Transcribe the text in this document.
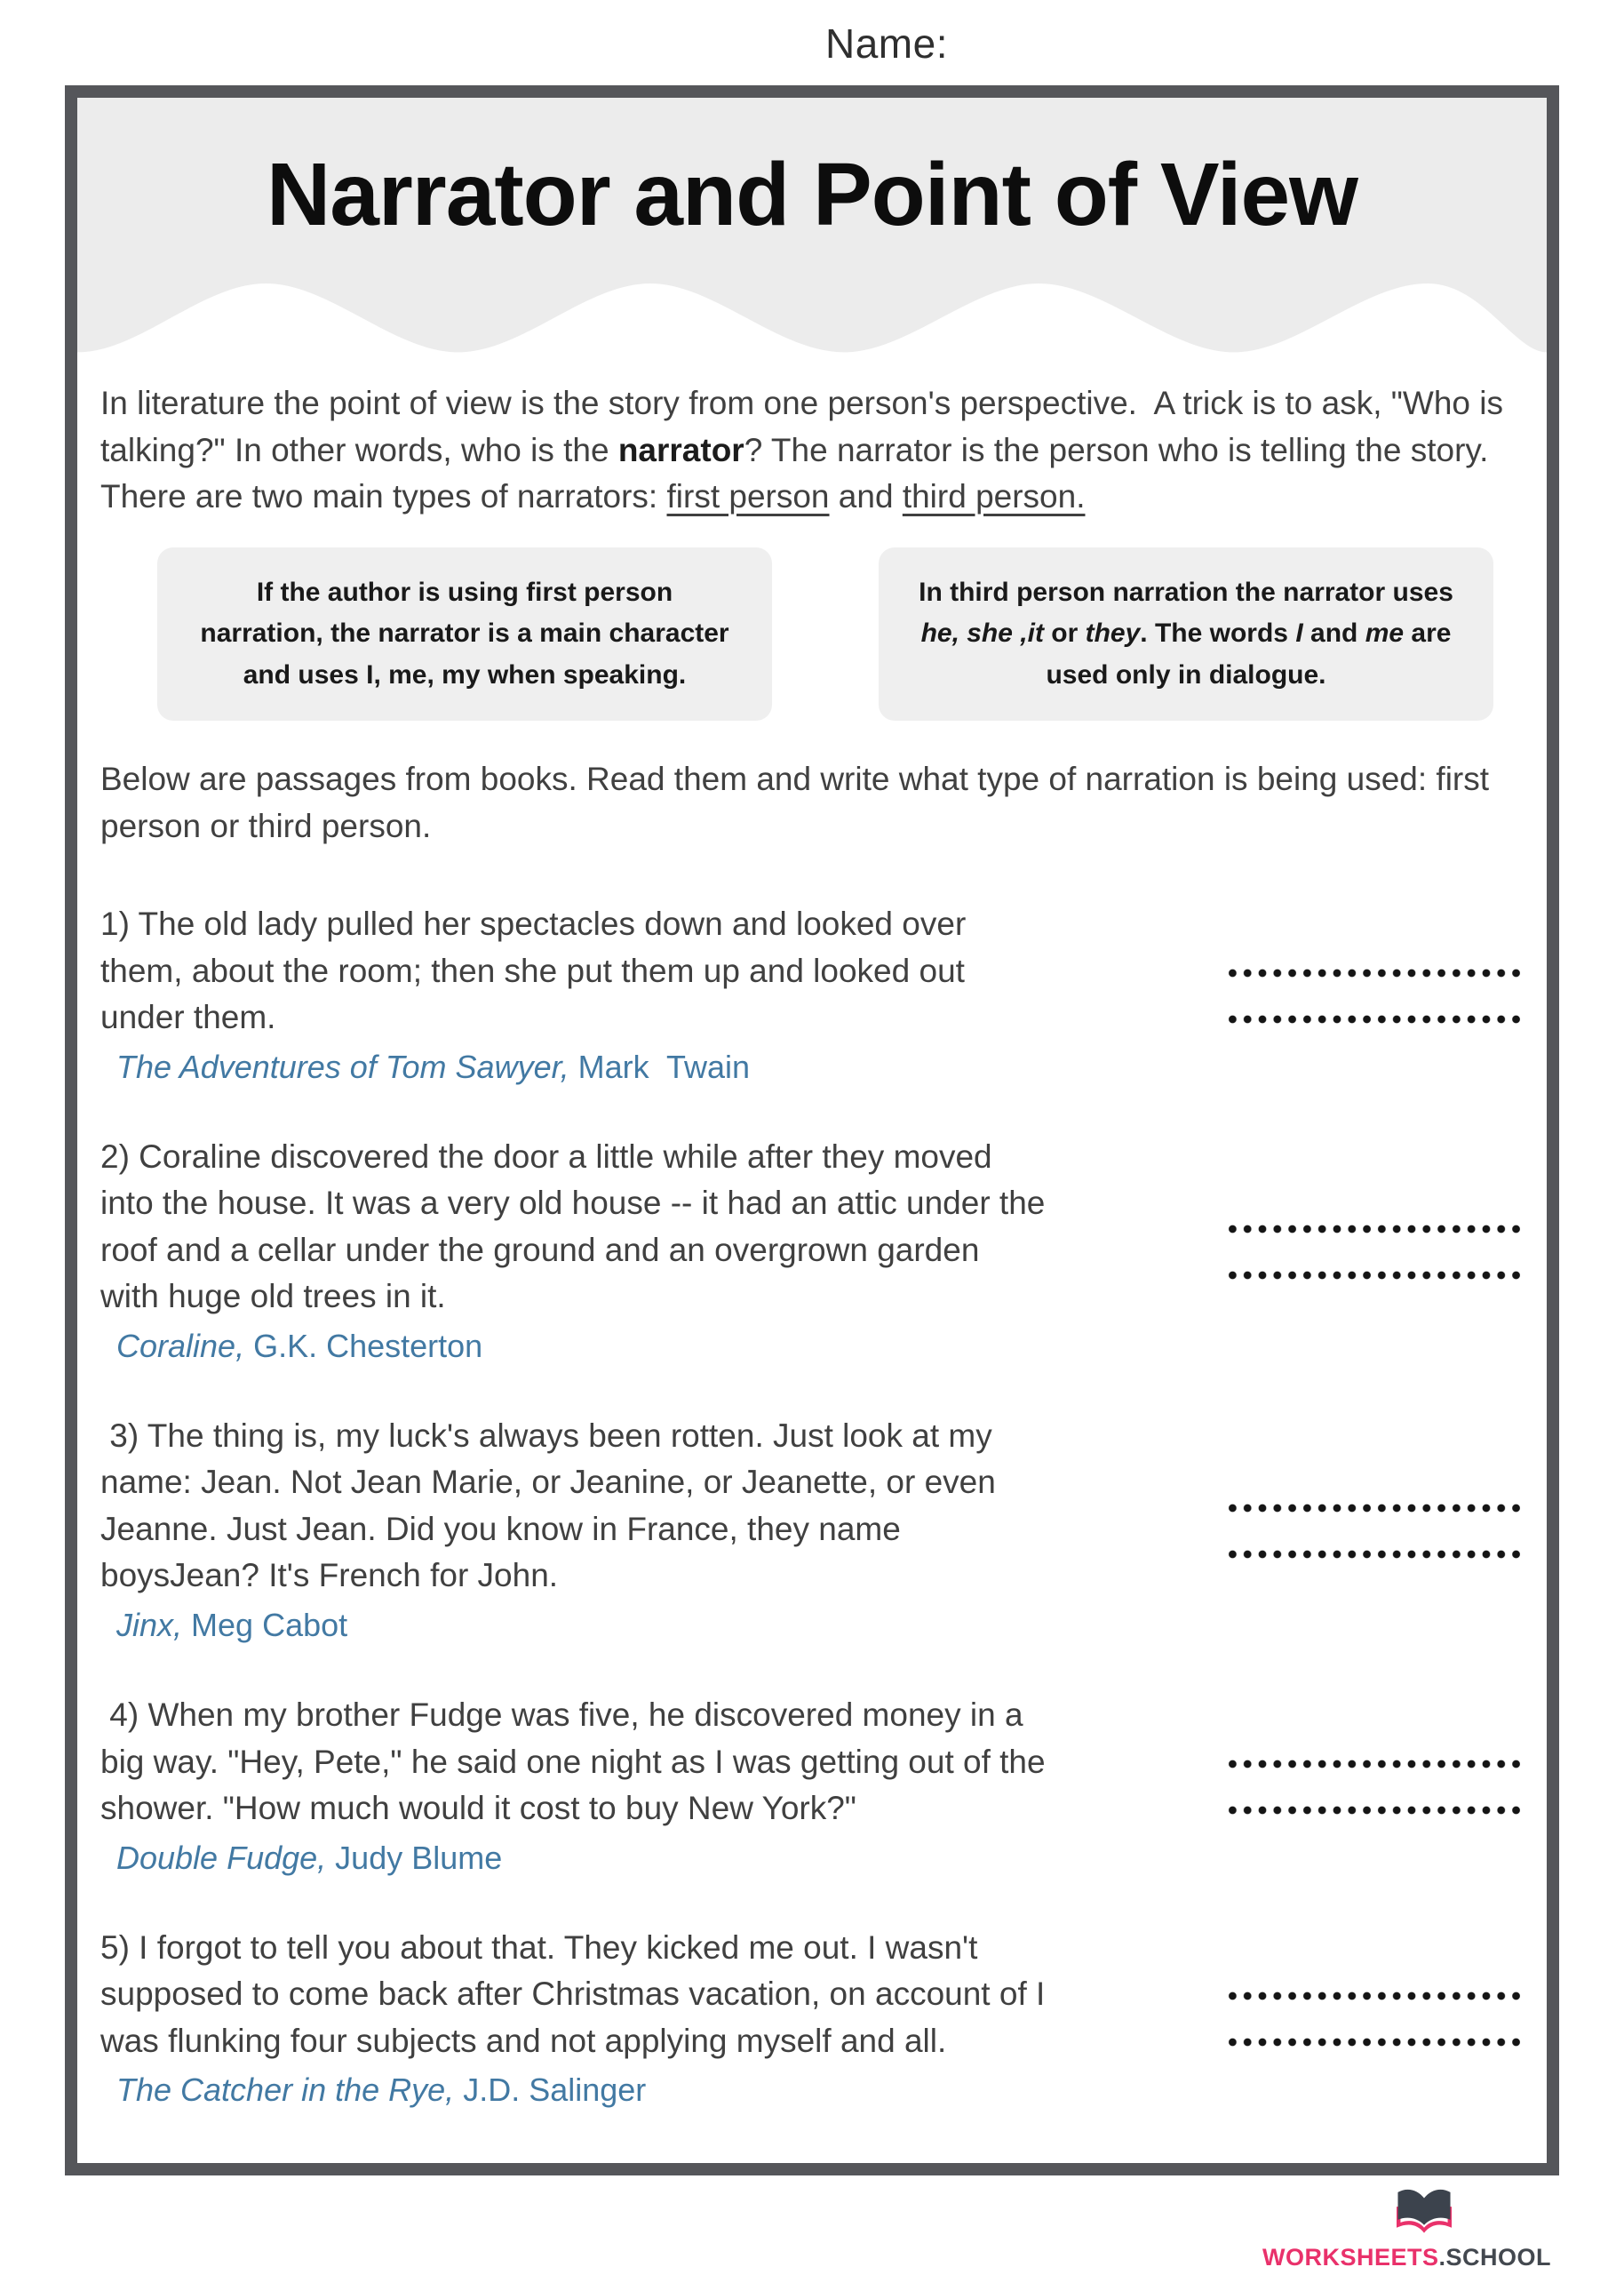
Name:
Narrator and Point of View

In literature the point of view is the story from one person's perspective.  A trick is to ask, "Who is talking?" In other words, who is the narrator? The narrator is the person who is telling the story. There are two main types of narrators: first person and third person.

If the author is using first person narration, the narrator is a main character and uses I, me, my when speaking.
In third person narration the narrator uses he, she ,it or they. The words I and me are used only in dialogue.

Below are passages from books. Read them and write what type of narration is being used: first person or third person.

1) The old lady pulled her spectacles down and looked over them, about the room; then she put them up and looked out under them.
The Adventures of Tom Sawyer, Mark  Twain
2) Coraline discovered the door a little while after they moved into the house. It was a very old house -- it had an attic under the roof and a cellar under the ground and an overgrown garden with huge old trees in it.
Coraline, G.K. Chesterton
3) The thing is, my luck's always been rotten. Just look at my name: Jean. Not Jean Marie, or Jeanine, or Jeanette, or even Jeanne. Just Jean. Did you know in France, they name boysJean? It's French for John.
Jinx, Meg Cabot
4) When my brother Fudge was five, he discovered money in a big way. "Hey, Pete," he said one night as I was getting out of the shower. "How much would it cost to buy New York?"
Double Fudge, Judy Blume
5) I forgot to tell you about that. They kicked me out. I wasn't supposed to come back after Christmas vacation, on account of I was flunking four subjects and not applying myself and all.
The Catcher in the Rye, J.D. Salinger
WORKSHEETS.SCHOOL
